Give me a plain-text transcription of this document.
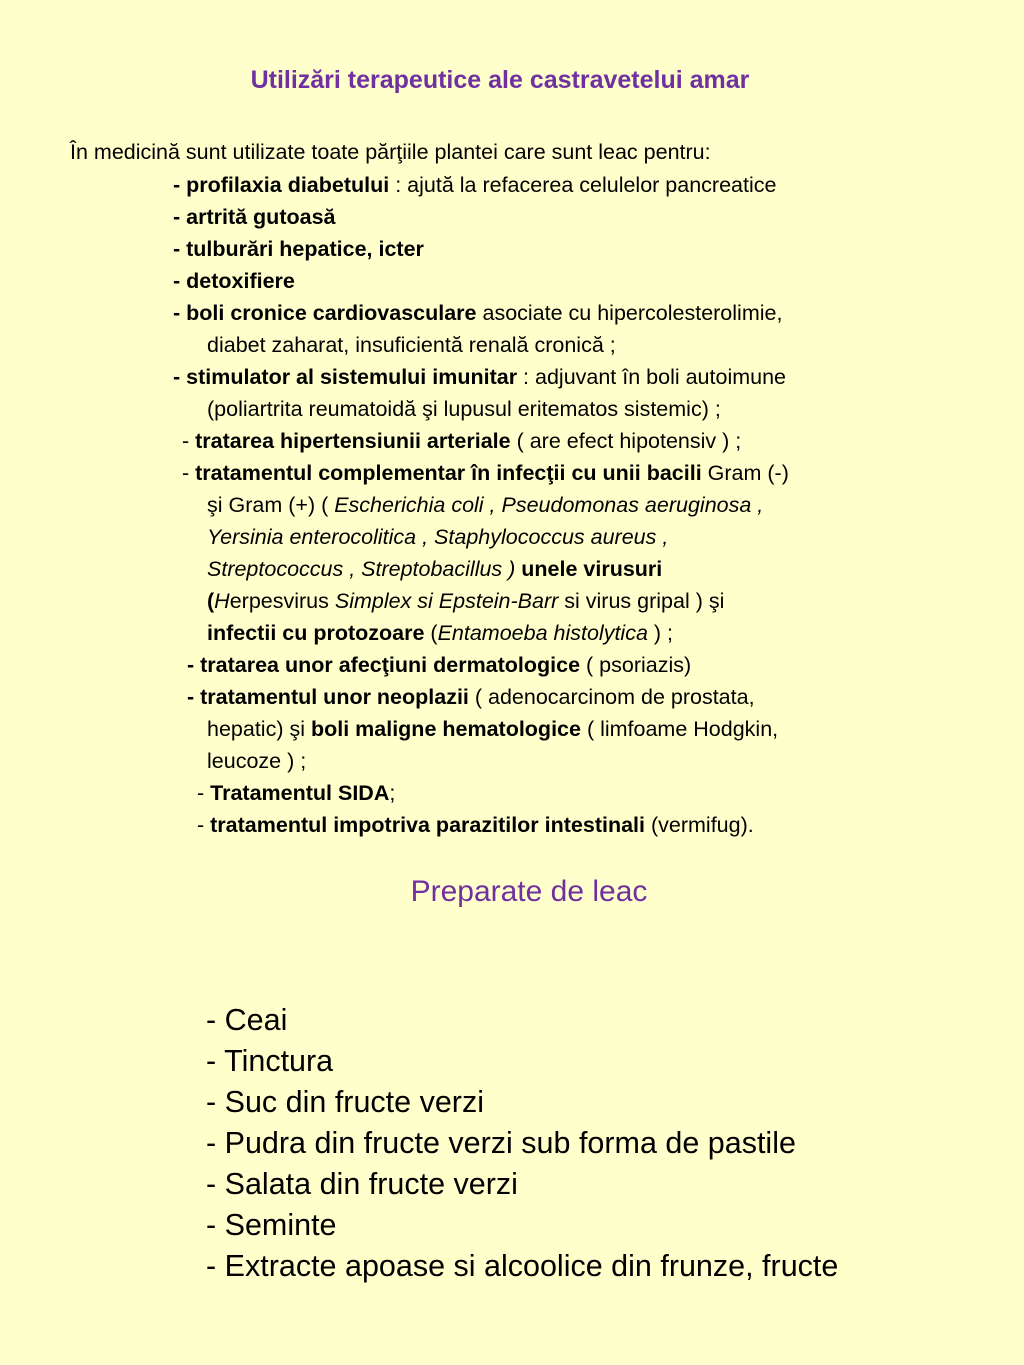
Utilizări terapeutice ale castravetelui amar
În medicină sunt utilizate toate părţiile plantei care sunt leac pentru:
- profilaxia diabetului : ajută la refacerea celulelor pancreatice
- artrită gutoasă
- tulburări hepatice, icter
- detoxifiere
- boli cronice cardiovasculare asociate cu hipercolesterolimie,
diabet zaharat, insuficientă renală cronică ;
- stimulator al sistemului imunitar : adjuvant în boli autoimune
(poliartrita reumatoidă şi lupusul eritematos sistemic) ;
- tratarea hipertensiunii arteriale ( are efect hipotensiv ) ;
- tratamentul complementar în infecţii cu unii bacili Gram (-)
şi Gram (+) ( Escherichia coli , Pseudomonas aeruginosa ,
Yersinia enterocolitica , Staphylococcus aureus ,
Streptococcus , Streptobacillus ) unele virusuri
(Herpesvirus Simplex si Epstein-Barr si virus gripal ) şi
infectii cu protozoare (Entamoeba histolytica ) ;
- tratarea unor afecţiuni dermatologice ( psoriazis)
- tratamentul unor neoplazii ( adenocarcinom de prostata,
hepatic) şi boli maligne hematologice ( limfoame Hodgkin,
leucoze ) ;
- Tratamentul SIDA;
- tratamentul impotriva parazitilor intestinali (vermifug).
Preparate de leac
- Ceai
- Tinctura
- Suc din fructe verzi
- Pudra din fructe verzi sub forma de pastile
- Salata din fructe verzi
- Seminte
- Extracte apoase si alcoolice din frunze, fructe
